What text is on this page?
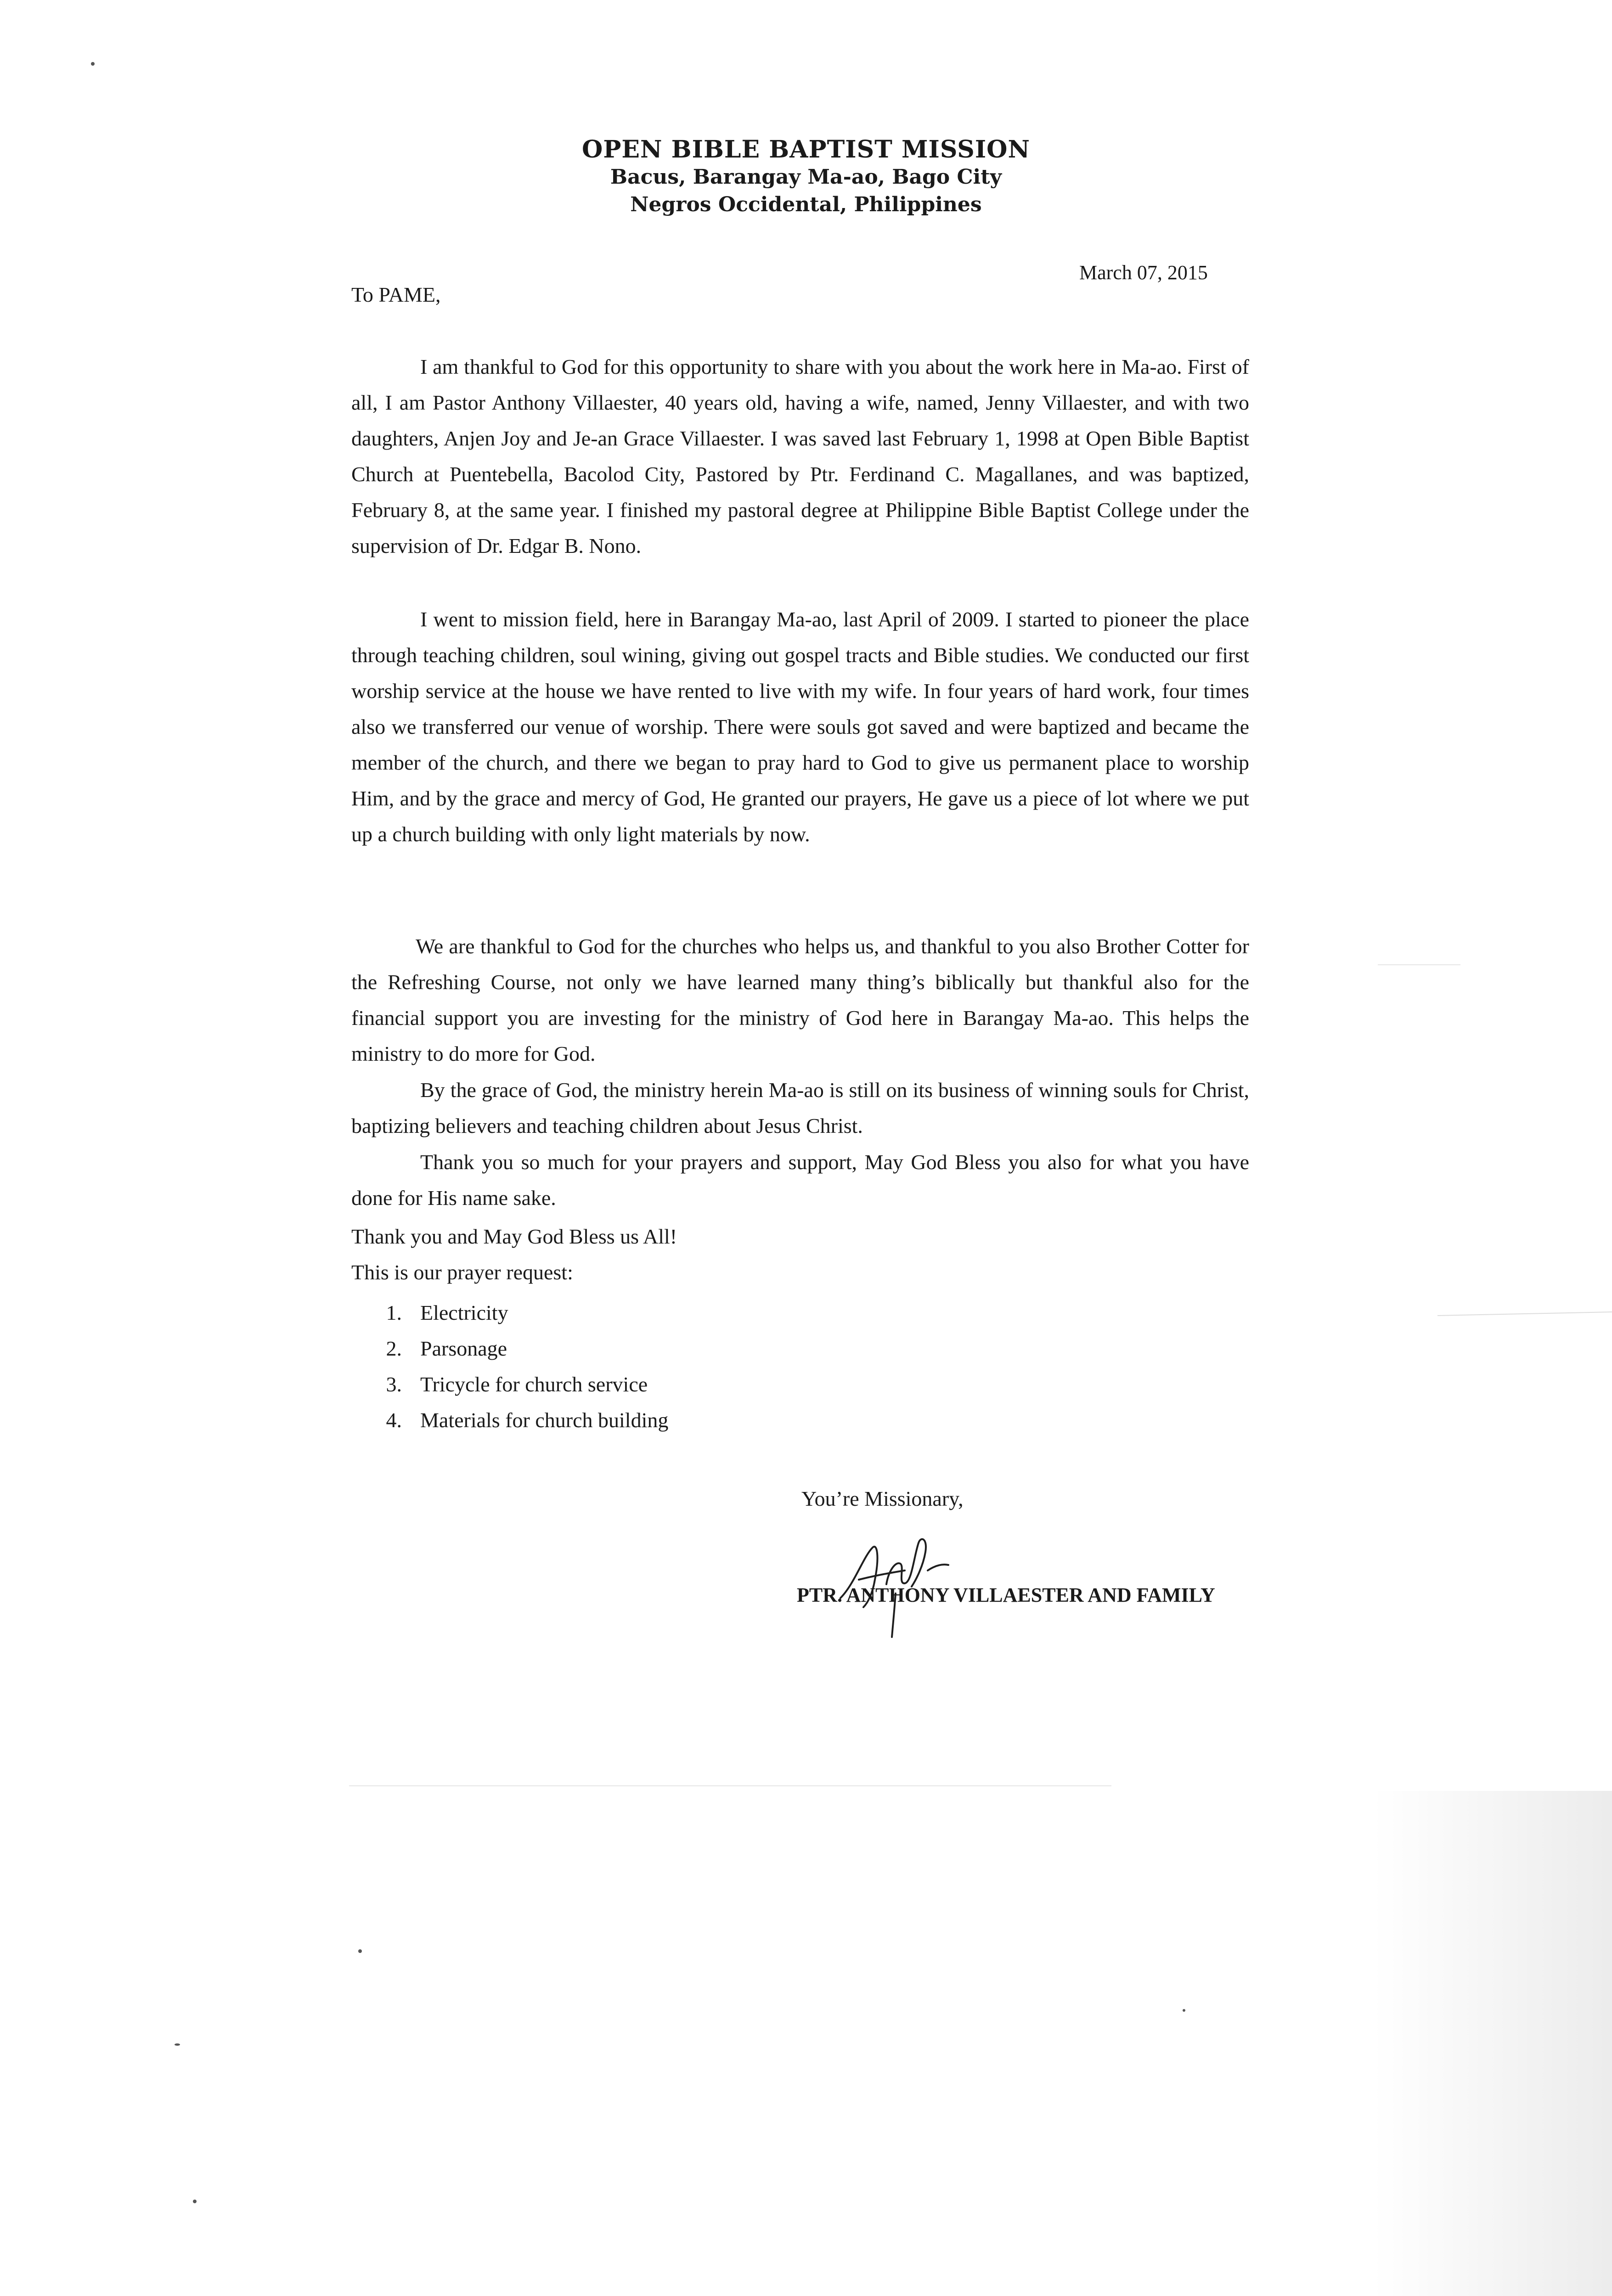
OPEN BIBLE BAPTIST MISSION
Bacus, Barangay Ma-ao, Bago City
Negros Occidental, Philippines
March 07, 2015
To PAME,
I am thankful to God for this opportunity to share with you about the work here in Ma-ao. First of all, I am Pastor Anthony Villaester, 40 years old, having a wife, named, Jenny Villaester, and with two daughters, Anjen Joy and Je-an Grace Villaester. I was saved last February 1, 1998 at Open Bible Baptist Church at Puentebella, Bacolod City, Pastored by Ptr. Ferdinand C. Magallanes, and was baptized, February 8, at the same year. I finished my pastoral degree at Philippine Bible Baptist College under the supervision of Dr. Edgar B. Nono.
I went to mission field, here in Barangay Ma-ao, last April of 2009. I started to pioneer the place through teaching children, soul wining, giving out gospel tracts and Bible studies. We conducted our first worship service at the house we have rented to live with my wife. In four years of hard work, four times also we transferred our venue of worship. There were souls got saved and were baptized and became the member of the church, and there we began to pray hard to God to give us permanent place to worship Him, and by the grace and mercy of God, He granted our prayers, He gave us a piece of lot where we put up a church building with only light materials by now.
We are thankful to God for the churches who helps us, and thankful to you also Brother Cotter for the Refreshing Course, not only we have learned many thing’s biblically but thankful also for the financial support you are investing for the ministry of God here in Barangay Ma-ao. This helps the ministry to do more for God.
By the grace of God, the ministry herein Ma-ao is still on its business of winning souls for Christ, baptizing believers and teaching children about Jesus Christ.
Thank you so much for your prayers and support, May God Bless you also for what you have done for His name sake.
Thank you and May God Bless us All!
This is our prayer request:
1. Electricity
2. Parsonage
3. Tricycle for church service
4. Materials for church building
You’re Missionary,
PTR. ANTHONY VILLAESTER AND FAMILY
